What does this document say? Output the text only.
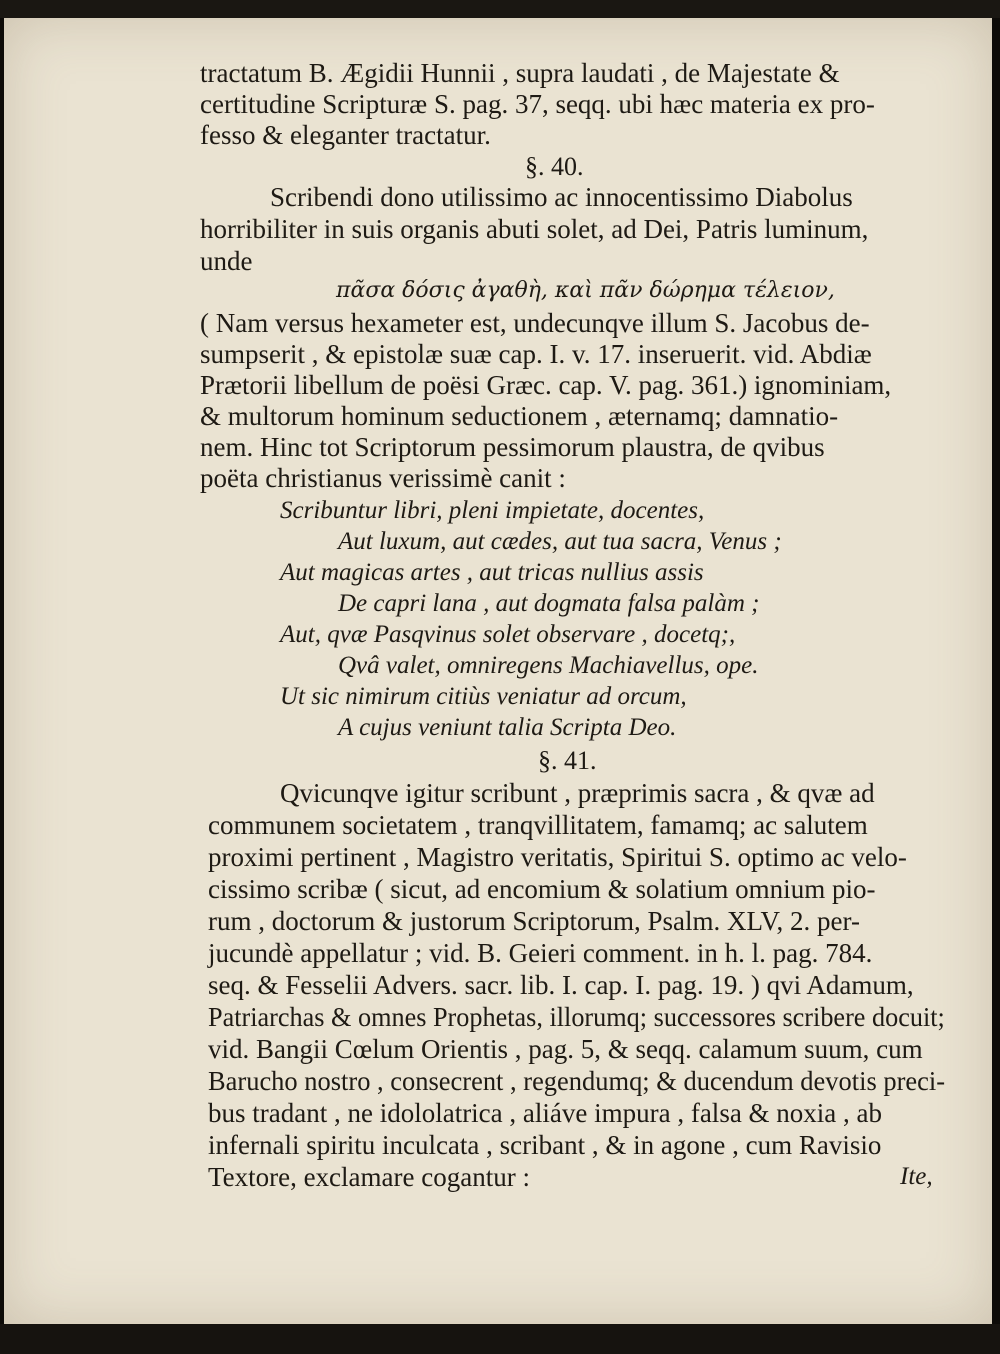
tractatum B. Ægidii Hunnii , supra laudati , de Majestate &
certitudine Scripturæ S. pag. 37, seqq. ubi hæc materia ex pro-
fesso & eleganter tractatur.
§. 40.
Scribendi dono utilissimo ac innocentissimo Diabolus
horribiliter in suis organis abuti solet, ad Dei, Patris luminum,
unde
πᾶσα δόσις ἀγαθὴ, καὶ πᾶν δώρημα τέλειον,
( Nam versus hexameter est, undecunqve illum S. Jacobus de-
sumpserit , & epistolæ suæ cap. I. v. 17. inseruerit. vid. Abdiæ
Prætorii libellum de poësi Græc. cap. V. pag. 361.) ignominiam,
& multorum hominum seductionem , æternamq; damnatio-
nem. Hinc tot Scriptorum pessimorum plaustra, de qvibus
poëta christianus verissimè canit :
Scribuntur libri, pleni impietate, docentes,
Aut luxum, aut cædes, aut tua sacra, Venus ;
Aut magicas artes , aut tricas nullius assis
De capri lana , aut dogmata falsa palàm ;
Aut, qvæ Pasqvinus solet observare , docetq;,
Qvâ valet, omniregens Machiavellus, ope.
Ut sic nimirum citiùs veniatur ad orcum,
A cujus veniunt talia Scripta Deo.
§. 41.
Qvicunqve igitur scribunt , præprimis sacra , & qvæ ad
communem societatem , tranqvillitatem, famamq; ac salutem
proximi pertinent , Magistro veritatis, Spiritui S. optimo ac velo-
cissimo scribæ ( sicut, ad encomium & solatium omnium pio-
rum , doctorum & justorum Scriptorum, Psalm. XLV, 2. per-
jucundè appellatur ; vid. B. Geieri comment. in h. l. pag. 784.
seq. & Fesselii Advers. sacr. lib. I. cap. I. pag. 19. ) qvi Adamum,
Patriarchas & omnes Prophetas, illorumq; successores scribere docuit;
vid. Bangii Cœlum Orientis , pag. 5, & seqq. calamum suum, cum
Barucho nostro , consecrent , regendumq; & ducendum devotis preci-
bus tradant , ne idololatrica , aliáve impura , falsa & noxia , ab
infernali spiritu inculcata , scribant , & in agone , cum Ravisio
Textore, exclamare cogantur :	Ite,
